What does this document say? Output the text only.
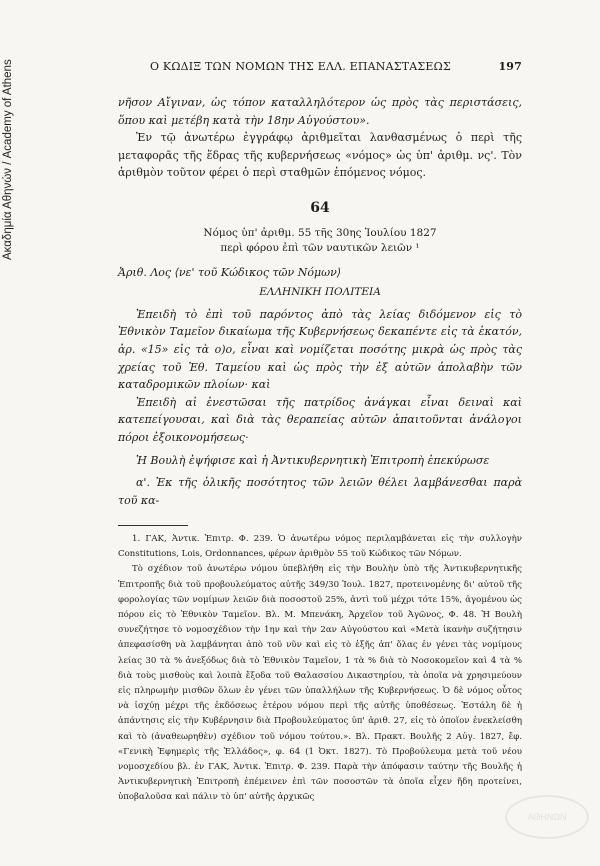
Ακαδημία Αθηνών / Academy of Athens	Ο ΚΩΔΙΞ ΤΩΝ ΝΟΜΩΝ ΤΗΣ ΕΛΛ. ΕΠΑΝΑΣΤΑΣΕΩΣ	197

νῆσον Αἴγιναν, ὡς τόπον καταλληλότερον ὡς πρὸς τὰς περιστάσεις, ὅπου καὶ μετέβη κατὰ τὴν 18ην Αὐγούστου».

Ἐν τῷ ἀνωτέρω ἐγγράφῳ ἀριθμεῖται λανθασμένως ὁ περὶ τῆς μεταφορᾶς τῆς ἕδρας τῆς κυβερνήσεως «νόμος» ὡς ὑπ' ἀριθμ. νς'. Τὸν ἀριθμὸν τοῦτον φέρει ὁ περὶ σταθμῶν ἑπόμενος νόμος.

64
Νόμος ὑπ' ἀριθμ. 55 τῆς 30ης Ἰουλίου 1827
περὶ φόρου ἐπὶ τῶν ναυτικῶν λειῶν ¹

Ἀριθ. Λος ⟨νε' τοῦ Κώδικος τῶν Νόμων⟩

ΕΛΛΗΝΙΚΗ ΠΟΛΙΤΕΙΑ

Ἐπειδὴ τὸ ἐπὶ τοῦ παρόντος ἀπὸ τὰς λείας διδόμενον εἰς τὸ Ἐθνικὸν Ταμεῖον δικαίωμα τῆς Κυβερνήσεως δεκαπέντε εἰς τὰ ἑκατόν, ἀρ. «15» εἰς τὰ ο)ο, εἶναι καὶ νομίζεται ποσότης μικρὰ ὡς πρὸς τὰς χρείας τοῦ Ἐθ. Ταμείου καὶ ὡς πρὸς τὴν ἐξ αὐτῶν ἀπολαβὴν τῶν καταδρομικῶν πλοίων· καὶ

Ἐπειδὴ αἱ ἐνεστῶσαι τῆς πατρίδος ἀνάγκαι εἶναι δειναὶ καὶ κατεπείγουσαι, καὶ διὰ τὰς θεραπείας αὐτῶν ἀπαιτοῦνται ἀνάλογοι πόροι ἐξοικονομήσεως·

Ἡ Βουλὴ ἐψήφισε καὶ ἡ Ἀντικυβερνητικὴ Ἐπιτροπὴ ἐπεκύρωσε

α'. Ἐκ τῆς ὁλικῆς ποσότητος τῶν λειῶν θέλει λαμβάνεσθαι παρὰ τοῦ κα-

1. ΓΑΚ, Ἀντικ. Ἐπιτρ. Φ. 239. Ὁ ἀνωτέρω νόμος περιλαμβάνεται εἰς τὴν συλλογὴν Constitutions, Lois, Ordonnances, φέρων ἀριθμὸν 55 τοῦ Κώδικος τῶν Νόμων.

Τὸ σχέδιον τοῦ ἀνωτέρω νόμου ὑπεβλήθη εἰς τὴν Βουλὴν ὑπὸ τῆς Ἀντικυβερνητικῆς Ἐπιτροπῆς διὰ τοῦ προβουλεύματος αὐτῆς 349/30 Ἰουλ. 1827, προτεινομένης δι' αὐτοῦ τῆς φορολογίας τῶν νομίμων λειῶν διὰ ποσοστοῦ 25%, ἀντὶ τοῦ μέχρι τότε 15%, ἀγομένου ὡς πόρου εἰς τὸ Ἐθνικὸν Ταμεῖον. Βλ. Μ. Μπενάκη, Ἀρχεῖον τοῦ Ἀγῶνος, Φ. 48. Ἡ Βουλὴ συνεζήτησε τὸ νομοσχέδιον τὴν 1ην καὶ τὴν 2αν Αὐγούστου καὶ «Μετὰ ἱκανὴν συζήτησιν ἀπεφασίσθη νὰ λαμβάνηται ἀπὸ τοῦ νῦν καὶ εἰς τὸ ἑξῆς ἀπ' ὅλας ἐν γένει τὰς νομίμους λείας 30 τὰ % ἀνεξόδως διὰ τὸ Ἐθνικὸν Ταμεῖον, 1 τὰ % διὰ τὸ Νοσοκομεῖον καὶ 4 τὰ % διὰ τοὺς μισθοὺς καὶ λοιπὰ ἔξοδα τοῦ Θαλασσίου Δικαστηρίου, τὰ ὁποῖα νὰ χρησιμεύουν εἰς πληρωμὴν μισθῶν ὅλων ἐν γένει τῶν ὑπαλλήλων τῆς Κυβερνήσεως. Ὁ δὲ νόμος οὗτος νὰ ἰσχύῃ μέχρι τῆς ἐκδόσεως ἑτέρου νόμου περὶ τῆς αὐτῆς ὑποθέσεως. Ἐστάλη δὲ ἡ ἀπάντησις εἰς τὴν Κυβέρνησιν διὰ Προβουλεύματος ὑπ' ἀριθ. 27, εἰς τὸ ὁποῖον ἐνεκλείσθη καὶ τὸ (ἀναθεωρηθὲν) σχέδιον τοῦ νόμου τούτου.». Βλ. Πρακτ. Βουλῆς 2 Αὐγ. 1827, ἔφ. «Γενικὴ Ἐφημερὶς τῆς Ἑλλάδος», φ. 64 (1 Ὀκτ. 1827). Τὸ Προβούλευμα μετὰ τοῦ νέου νομοσχεδίου βλ. ἐν ΓΑΚ, Ἀντικ. Ἐπιτρ. Φ. 239. Παρὰ τὴν ἀπόφασιν ταύτην τῆς Βουλῆς ἡ Ἀντικυβερνητικὴ Ἐπιτροπὴ ἐπέμεινεν ἐπὶ τῶν ποσοστῶν τὰ ὁποῖα εἶχεν ἤδη προτείνει, ὑποβαλοῦσα καὶ πάλιν τὸ ὑπ' αὐτῆς ἀρχικῶς

ΑΘΗΝΩΝ
